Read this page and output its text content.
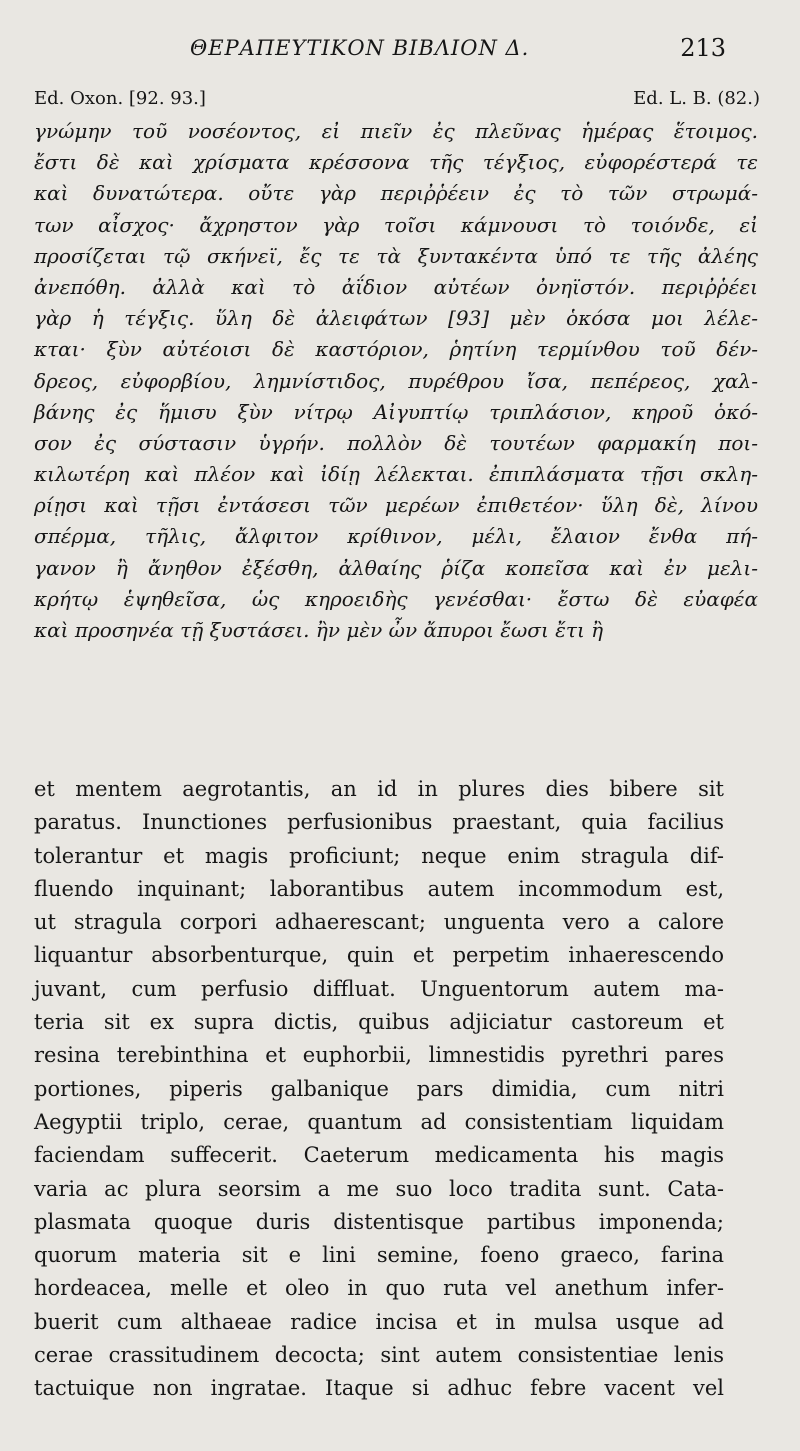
ΘΕΡΑΠΕΥΤΙΚΟΝ ΒΙΒΛΙΟΝ Δ.	213
Ed. Oxon. [92. 93.]	Ed. L. B. (82.)
γνώμην τοῦ νοσέοντος, εἰ πιεῖν ἐς πλεῦνας ἡμέρας ἕτοιμος.
ἔστι δὲ καὶ χρίσματα κρέσσονα τῆς τέγξιος, εὐφορέστερά τε
καὶ δυνατώτερα. οὔτε γὰρ περιῤῥέειν ἐς τὸ τῶν στρωμά-
των αἶσχος· ἄχρηστον γὰρ τοῖσι κάμνουσι τὸ τοιόνδε, εἰ
προσίζεται τῷ σκήνεϊ, ἔς τε τὰ ξυντακέντα ὑπό τε τῆς ἀλέης
ἀνεπόθη. ἀλλὰ καὶ τὸ ἀΐδιον αὐτέων ὀνηϊστόν. περιῤῥέει
γὰρ ἡ τέγξις. ὕλη δὲ ἀλειφάτων [93] μὲν ὁκόσα μοι λέλε-
κται· ξὺν αὐτέοισι δὲ καστόριον, ῥητίνη τερμίνθου τοῦ δέν-
δρεος, εὐφορβίου, λημνίστιδος, πυρέθρου ἴσα, πεπέρεος, χαλ-
βάνης ἐς ἥμισυ ξὺν νίτρῳ Αἰγυπτίῳ τριπλάσιον, κηροῦ ὁκό-
σον ἐς σύστασιν ὑγρήν. πολλὸν δὲ τουτέων φαρμακίη ποι-
κιλωτέρη καὶ πλέον καὶ ἰδίῃ λέλεκται. ἐπιπλάσματα τῇσι σκλη-
ρίῃσι καὶ τῇσι ἐντάσεσι τῶν μερέων ἐπιθετέον· ὕλη δὲ, λίνου
σπέρμα, τῆλις, ἄλφιτον κρίθινον, μέλι, ἔλαιον ἔνθα πή-
γανον ἢ ἄνηθον ἐξέσθη, ἀλθαίης ῥίζα κοπεῖσα καὶ ἐν μελι-
κρήτῳ ἑψηθεῖσα, ὡς κηροειδὴς γενέσθαι· ἔστω δὲ εὐαφέα
καὶ προσηνέα τῇ ξυστάσει. ἢν μὲν ὦν ἄπυροι ἔωσι ἔτι ἢ
et mentem aegrotantis, an id in plures dies bibere sit
paratus. Inunctiones perfusionibus praestant, quia facilius
tolerantur et magis proficiunt; neque enim stragula dif-
fluendo inquinant; laborantibus autem incommodum est,
ut stragula corpori adhaerescant; unguenta vero a calore
liquantur absorbenturque, quin et perpetim inhaerescendo
juvant, cum perfusio diffluat. Unguentorum autem ma-
teria sit ex supra dictis, quibus adjiciatur castoreum et
resina terebinthina et euphorbii, limnestidis pyrethri pares
portiones, piperis galbanique pars dimidia, cum nitri
Aegyptii triplo, cerae, quantum ad consistentiam liquidam
faciendam suffecerit. Caeterum medicamenta his magis
varia ac plura seorsim a me suo loco tradita sunt. Cata-
plasmata quoque duris distentisque partibus imponenda;
quorum materia sit e lini semine, foeno graeco, farina
hordeacea, melle et oleo in quo ruta vel anethum infer-
buerit cum althaeae radice incisa et in mulsa usque ad
cerae crassitudinem decocta; sint autem consistentiae lenis
tactuique non ingratae. Itaque si adhuc febre vacent vel
